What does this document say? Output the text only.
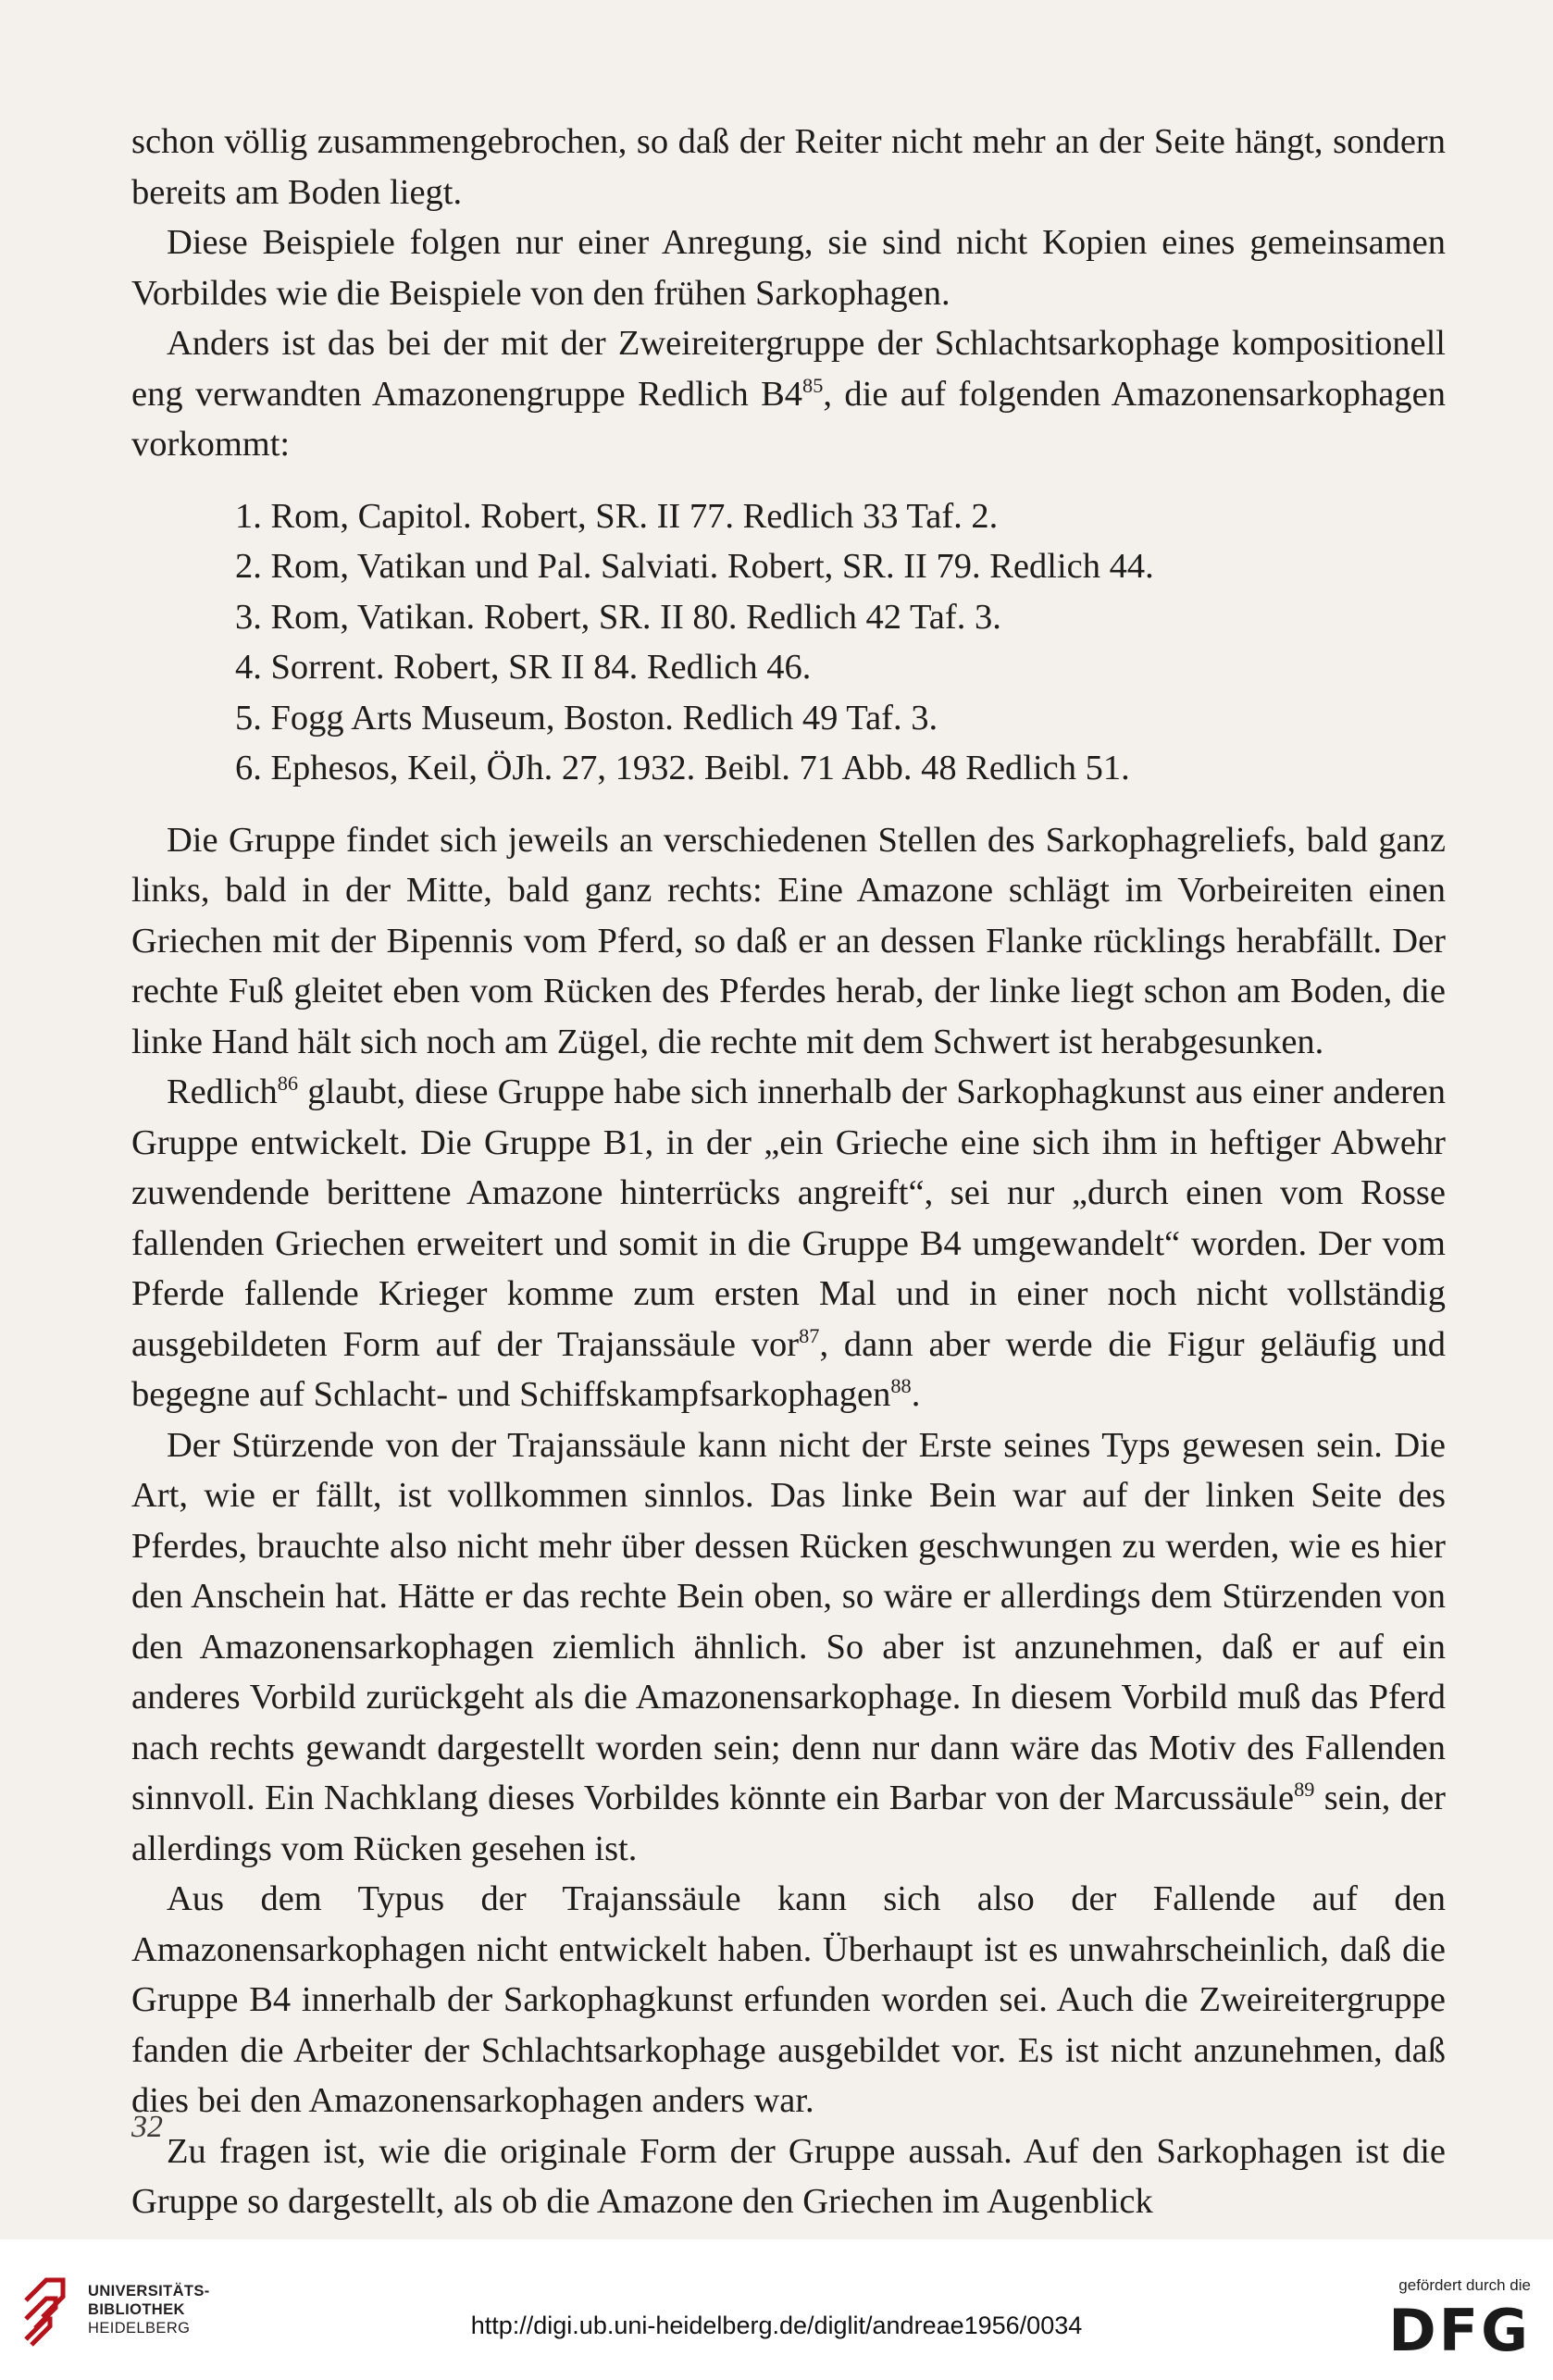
schon völlig zusammengebrochen, so daß der Reiter nicht mehr an der Seite hängt, sondern bereits am Boden liegt.

Diese Beispiele folgen nur einer Anregung, sie sind nicht Kopien eines gemeinsamen Vorbildes wie die Beispiele von den frühen Sarkophagen.

Anders ist das bei der mit der Zweireitergruppe der Schlachtsarkophage kompositionell eng verwandten Amazonengruppe Redlich $B4^{85}$, die auf folgenden Amazonensarkophagen vorkommt:

1. Rom, Capitol. Robert, SR. II 77. Redlich 33 Taf. 2.
2. Rom, Vatikan und Pal. Salviati. Robert, SR. II 79. Redlich 44.
3. Rom, Vatikan. Robert, SR. II 80. Redlich 42 Taf. 3.
4. Sorrent. Robert, SR II 84. Redlich 46.
5. Fogg Arts Museum, Boston. Redlich 49 Taf. 3.
6. Ephesos, Keil, ÖJh. 27, 1932. Beibl. 71 Abb. 48 Redlich 51.

Die Gruppe findet sich jeweils an verschiedenen Stellen des Sarkophagreliefs, bald ganz links, bald in der Mitte, bald ganz rechts: Eine Amazone schlägt im Vorbeireiten einen Griechen mit der Bipennis vom Pferd, so daß er an dessen Flanke rücklings herabfällt. Der rechte Fuß gleitet eben vom Rücken des Pferdes herab, der linke liegt schon am Boden, die linke Hand hält sich noch am Zügel, die rechte mit dem Schwert ist herabgesunken.

Redlich$^{86}$ glaubt, diese Gruppe habe sich innerhalb der Sarkophagkunst aus einer anderen Gruppe entwickelt. Die Gruppe B1, in der „ein Grieche eine sich ihm in heftiger Abwehr zuwendende berittene Amazone hinterrücks angreift“, sei nur „durch einen vom Rosse fallenden Griechen erweitert und somit in die Gruppe B4 umgewandelt“ worden. Der vom Pferde fallende Krieger komme zum ersten Mal und in einer noch nicht vollständig ausgebildeten Form auf der Trajanssäule vor$^{87}$, dann aber werde die Figur geläufig und begegne auf Schlacht- und Schiffskampfsarkophagen$^{88}$.

Der Stürzende von der Trajanssäule kann nicht der Erste seines Typs gewesen sein. Die Art, wie er fällt, ist vollkommen sinnlos. Das linke Bein war auf der linken Seite des Pferdes, brauchte also nicht mehr über dessen Rücken geschwungen zu werden, wie es hier den Anschein hat. Hätte er das rechte Bein oben, so wäre er allerdings dem Stürzenden von den Amazonensarkophagen ziemlich ähnlich. So aber ist anzunehmen, daß er auf ein anderes Vorbild zurückgeht als die Amazonensarkophage. In diesem Vorbild muß das Pferd nach rechts gewandt dargestellt worden sein; denn nur dann wäre das Motiv des Fallenden sinnvoll. Ein Nachklang dieses Vorbildes könnte ein Barbar von der Marcussäule$^{89}$ sein, der allerdings vom Rücken gesehen ist.

Aus dem Typus der Trajanssäule kann sich also der Fallende auf den Amazonensarkophagen nicht entwickelt haben. Überhaupt ist es unwahrscheinlich, daß die Gruppe B4 innerhalb der Sarkophagkunst erfunden worden sei. Auch die Zweireitergruppe fanden die Arbeiter der Schlachtsarkophage ausgebildet vor. Es ist nicht anzunehmen, daß dies bei den Amazonensarkophagen anders war.

Zu fragen ist, wie die originale Form der Gruppe aussah. Auf den Sarkophagen ist die Gruppe so dargestellt, als ob die Amazone den Griechen im Augenblick

32
UNIVERSITÄTS-
BIBLIOTHEK
HEIDELBERG	http://digi.ub.uni-heidelberg.de/diglit/andreae1956/0034
gefördert durch die
DFG
